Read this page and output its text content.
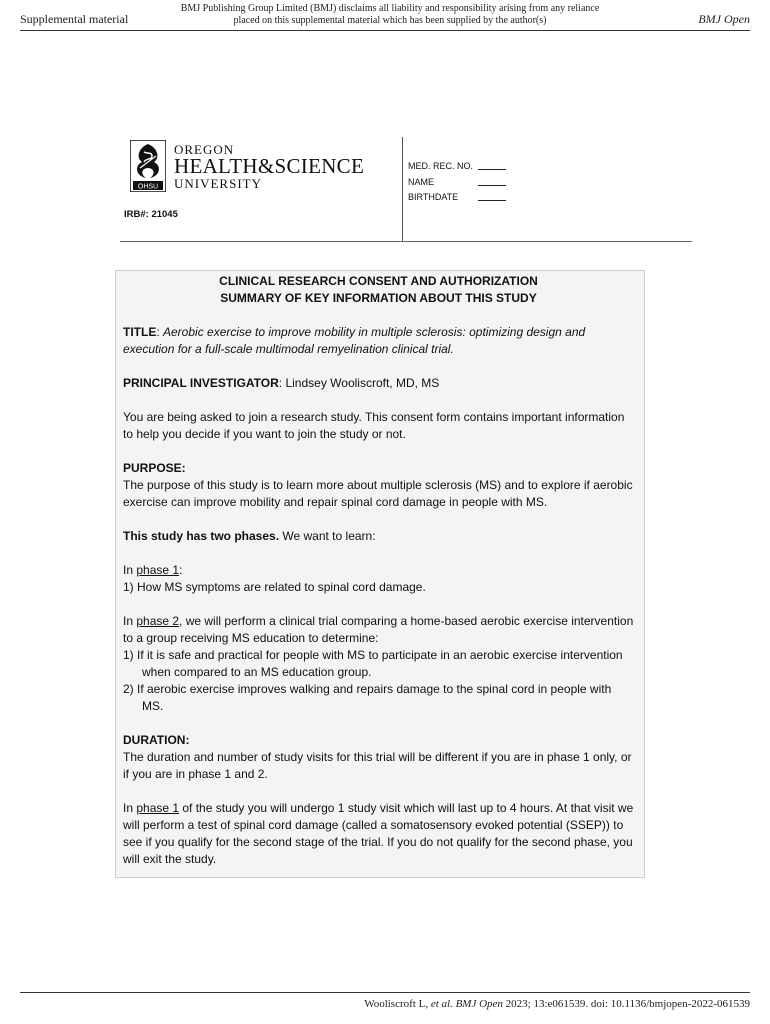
Supplemental material
BMJ Publishing Group Limited (BMJ) disclaims all liability and responsibility arising from any reliance
placed on this supplemental material which has been supplied by the author(s)	BMJ Open
OHSU
OREGON
HEALTH&SCIENCE
UNIVERSITY
IRB#: 21045
MED. REC. NO.
NAME
BIRTHDATE
CLINICAL RESEARCH CONSENT AND AUTHORIZATION
SUMMARY OF KEY INFORMATION ABOUT THIS STUDY

TITLE: Aerobic exercise to improve mobility in multiple sclerosis: optimizing design and execution for a full-scale multimodal remyelination clinical trial.

PRINCIPAL INVESTIGATOR: Lindsey Wooliscroft, MD, MS

You are being asked to join a research study. This consent form contains important information to help you decide if you want to join the study or not.

PURPOSE:

The purpose of this study is to learn more about multiple sclerosis (MS) and to explore if aerobic exercise can improve mobility and repair spinal cord damage in people with MS.

This study has two phases. We want to learn:

In phase 1:

1) How MS symptoms are related to spinal cord damage.

In phase 2, we will perform a clinical trial comparing a home-based aerobic exercise intervention to a group receiving MS education to determine:

1) If it is safe and practical for people with MS to participate in an aerobic exercise intervention when compared to an MS education group.

2) If aerobic exercise improves walking and repairs damage to the spinal cord in people with MS.

DURATION:

The duration and number of study visits for this trial will be different if you are in phase 1 only, or if you are in phase 1 and 2.

In phase 1 of the study you will undergo 1 study visit which will last up to 4 hours. At that visit we will perform a test of spinal cord damage (called a somatosensory evoked potential (SSEP)) to see if you qualify for the second stage of the trial. If you do not qualify for the second phase, you will exit the study.

Wooliscroft L, et al. BMJ Open 2023; 13:e061539. doi: 10.1136/bmjopen-2022-061539
